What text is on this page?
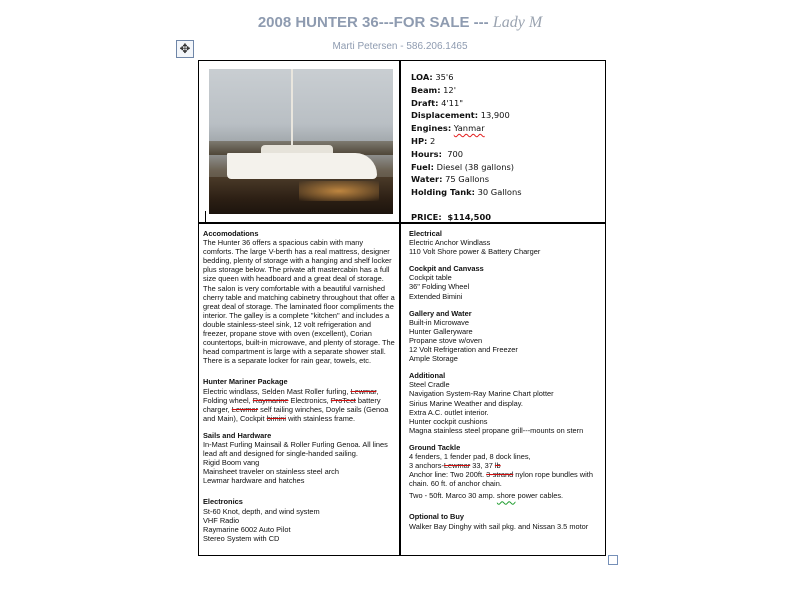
2008 HUNTER 36---FOR SALE --- Lady M
Marti Petersen - 586.206.1465
✥
LOA: 35'6
Beam: 12'
Draft: 4'11"
Displacement: 13,900
Engines: Yanmar
HP: 2
Hours: 700
Fuel: Diesel (38 gallons)
Water: 75 Gallons
Holding Tank: 30 Gallons
PRICE: $114,500
Accomodations
The Hunter 36 offers a spacious cabin with many comforts. The large V-berth has a real mattress, designer bedding, plenty of storage with a hanging and shelf locker plus storage below. The private aft mastercabin has a full size queen with headboard and a great deal of storage. The salon is very comfortable with a beautiful varnished cherry table and matching cabinetry throughout that offer a great deal of storage. The laminated floor compliments the interior. The galley is a complete "kitchen" and includes a double stainless-steel sink, 12 volt refrigeration and freezer, propane stove with oven (excellent), Corian countertops, built-in microwave, and plenty of storage. The head compartment is large with a separate shower stall. There is a separate locker for rain gear, towels, etc.
Hunter Mariner Package
Electric windlass, Selden Mast Roller furling, Lewmar, Folding wheel, Raymarine Electronics, ProTect battery charger, Lewmar self tailing winches, Doyle sails (Genoa and Main), Cockpit bimini with stainless frame.
Sails and Hardware
In-Mast Furling Mainsail & Roller Furling Genoa. All lines lead aft and designed for single-handed sailing.
Rigid Boom vang
Mainsheet traveler on stainless steel arch
Lewmar hardware and hatches
Electronics
St-60 Knot, depth, and wind system
VHF Radio
Raymarine 6002 Auto Pilot
Stereo System with CD
Electrical
Electric Anchor Windlass
110 Volt Shore power & Battery Charger
Cockpit and Canvass
Cockpit table
36" Folding Wheel
Extended Bimini
Gallery and Water
Built-in Microwave
Hunter Galleryware
Propane stove w/oven
12 Volt Refrigeration and Freezer
Ample Storage
Additional
Steel Cradle
Navigation System-Ray Marine Chart plotter
Sirius Marine Weather and display.
Extra A.C. outlet interior.
Hunter cockpit cushions
Magna stainless steel propane grill---mounts on stern
Ground Tackle
4 fenders, 1 fender pad, 8 dock lines,
3 anchors-Lewmar 33, 37 lb
Anchor line: Two 200ft. 3-strand nylon rope bundles with chain. 60 ft. of anchor chain.
Two - 50ft. Marco 30 amp. shore power cables.
Optional to Buy
Walker Bay Dinghy with sail pkg. and Nissan 3.5 motor
